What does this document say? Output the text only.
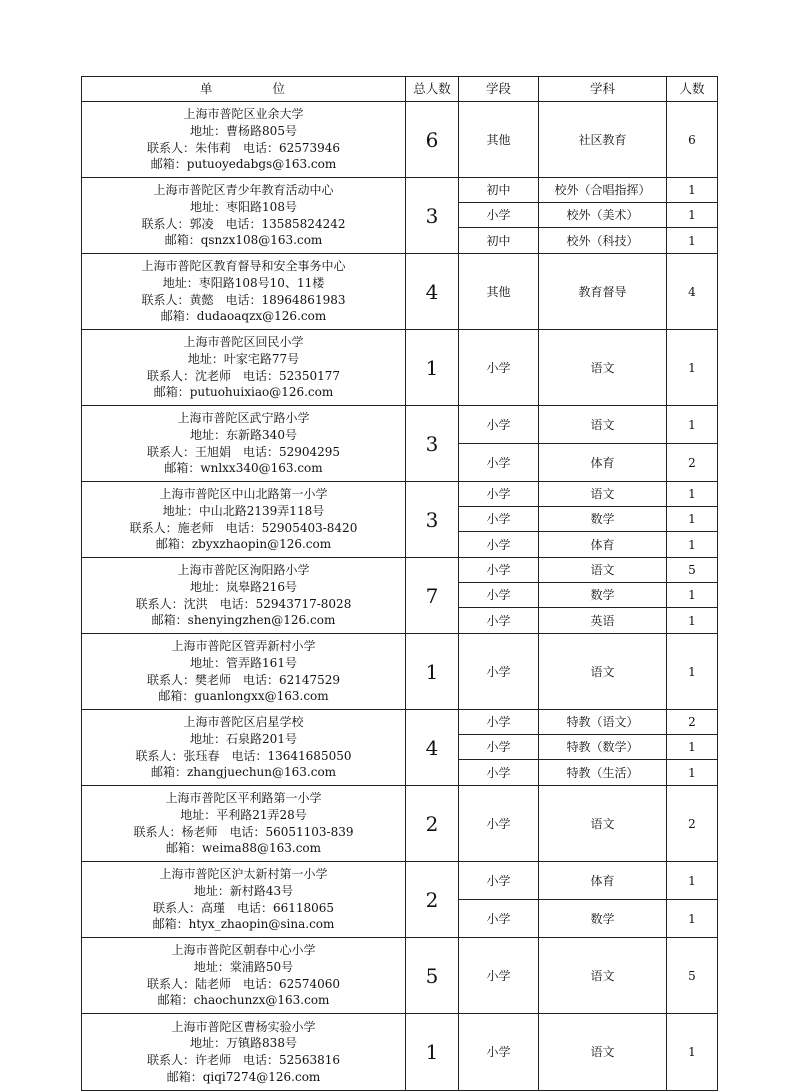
单 位	总人数	学段	学科	人数

上海市普陀区业余大学
地址：曹杨路805号
联系人：朱伟莉　电话：62573946
邮箱：putuoyedabgs@163.com	6	其他	社区教育	6

上海市普陀区青少年教育活动中心
地址：枣阳路108号
联系人：郭凌　电话：13585824242
邮箱：qsnzx108@163.com	3	初中	校外（合唱指挥）	1
		小学	校外（美术）	1
		初中	校外（科技）	1

上海市普陀区教育督导和安全事务中心
地址：枣阳路108号10、11楼
联系人：黄懿　电话：18964861983
邮箱：dudaoaqzx@126.com	4	其他	教育督导	4

上海市普陀区回民小学
地址：叶家宅路77号
联系人：沈老师　电话：52350177
邮箱：putuohuixiao@126.com	1	小学	语文	1

上海市普陀区武宁路小学
地址：东新路340号
联系人：王旭娟　电话：52904295
邮箱：wnlxx340@163.com	3	小学	语文	1
		小学	体育	2

上海市普陀区中山北路第一小学
地址：中山北路2139弄118号
联系人：施老师　电话：52905403-8420
邮箱：zbyxzhaopin@126.com	3	小学	语文	1
		小学	数学	1
		小学	体育	1

上海市普陀区洵阳路小学
地址：岚皋路216号
联系人：沈洪　电话：52943717-8028
邮箱：shenyingzhen@126.com	7	小学	语文	5
		小学	数学	1
		小学	英语	1

上海市普陀区管弄新村小学
地址：管弄路161号
联系人：樊老师　电话：62147529
邮箱：guanlongxx@163.com	1	小学	语文	1

上海市普陀区启星学校
地址：石泉路201号
联系人：张珏春　电话：13641685050
邮箱：zhangjuechun@163.com	4	小学	特教（语文）	2
		小学	特教（数学）	1
		小学	特教（生活）	1

上海市普陀区平利路第一小学
地址：平利路21弄28号
联系人：杨老师　电话：56051103-839
邮箱：weima88@163.com	2	小学	语文	2

上海市普陀区沪太新村第一小学
地址：新村路43号
联系人：高瑾　电话：66118065
邮箱：htyx_zhaopin@sina.com	2	小学	体育	1
		小学	数学	1

上海市普陀区朝春中心小学
地址：棠浦路50号
联系人：陆老师　电话：62574060
邮箱：chaochunzx@163.com	5	小学	语文	5

上海市普陀区曹杨实验小学
地址：万镇路838号
联系人：许老师　电话：52563816
邮箱：qiqi7274@126.com	1	小学	语文	1
